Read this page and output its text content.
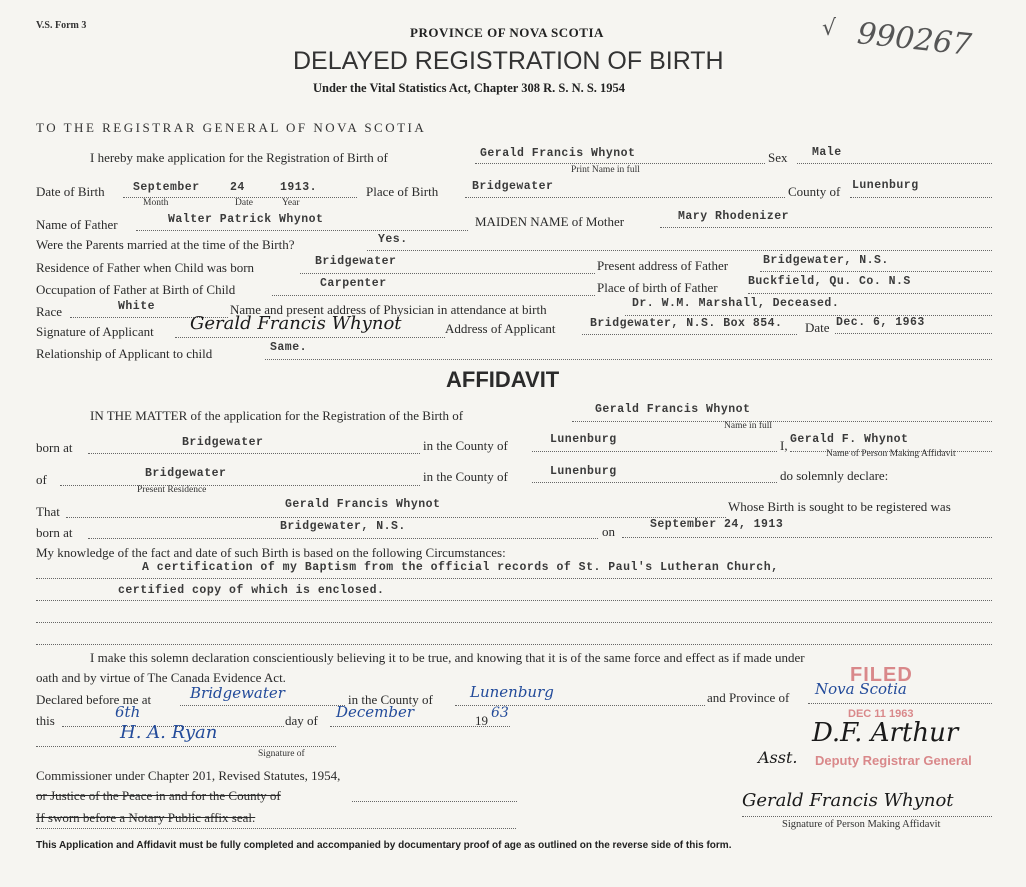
V.S. Form 3	PROVINCE OF NOVA SCOTIA
DELAYED REGISTRATION OF BIRTH
Under the Vital Statistics Act, Chapter 308 R. S. N. S. 1954
√ 990267
TO THE REGISTRAR GENERAL OF NOVA SCOTIA
I hereby make application for the Registration of Birth of	Gerald Francis Whynot
Print Name in full
Sex Male
Date of Birth September	24	1913.
Month	Date	Year
Place of Birth	Bridgewater	County of Lunenburg
Name of Father	Walter Patrick Whynot	MAIDEN NAME of Mother	Mary Rhodenizer
Were the Parents married at the time of the Birth?	Yes.
Residence of Father when Child was born	Bridgewater	Present address of Father	Bridgewater, N.S.
Occupation of Father at Birth of Child	Carpenter	Place of birth of Father	Buckfield, Qu. Co. N.S
Race	White	Name and present address of Physician in attendance at birth	Dr. W.M. Marshall, Deceased.
Signature of Applicant Gerald Francis Whynot	Address of Applicant	Bridgewater, N.S. Box 854. Date Dec. 6, 1963
Relationship of Applicant to child	Same.
AFFIDAVIT
IN THE MATTER of the application for the Registration of the Birth of	Gerald Francis Whynot
Name in full
born at	Bridgewater	in the County of	Lunenburg	I, Gerald F. Whynot
Name of Person Making Affidavit
of	Bridgewater
Present Residence
in the County of	Lunenburg	do solemnly declare:
That	Gerald Francis Whynot	Whose Birth is sought to be registered was
born at	Bridgewater, N.S.	on	September 24, 1913
My knowledge of the fact and date of such Birth is based on the following Circumstances:
A certification of my Baptism from the official records of St. Paul's Lutheran Church,
certified copy of which is enclosed.
I make this solemn declaration conscientiously believing it to be true, and knowing that it is of the same force and effect as if made under
oath and by virtue of The Canada Evidence Act.
Declared before me at	Bridgewater	in the County of Lunenburg	and Province of Nova Scotia
this	6th	day of December	19 63
H. A. Ryan
Signature of
Commissioner under Chapter 201, Revised Statutes, 1954,
or Justice of the Peace in and for the County of
If sworn before a Notary Public affix seal.
FILED
DEC 11 1963
Deputy Registrar General
Asst.
D.F. Arthur
Gerald Francis Whynot
Signature of Person Making Affidavit
This Application and Affidavit must be fully completed and accompanied by documentary proof of age as outlined on the reverse side of this form.
